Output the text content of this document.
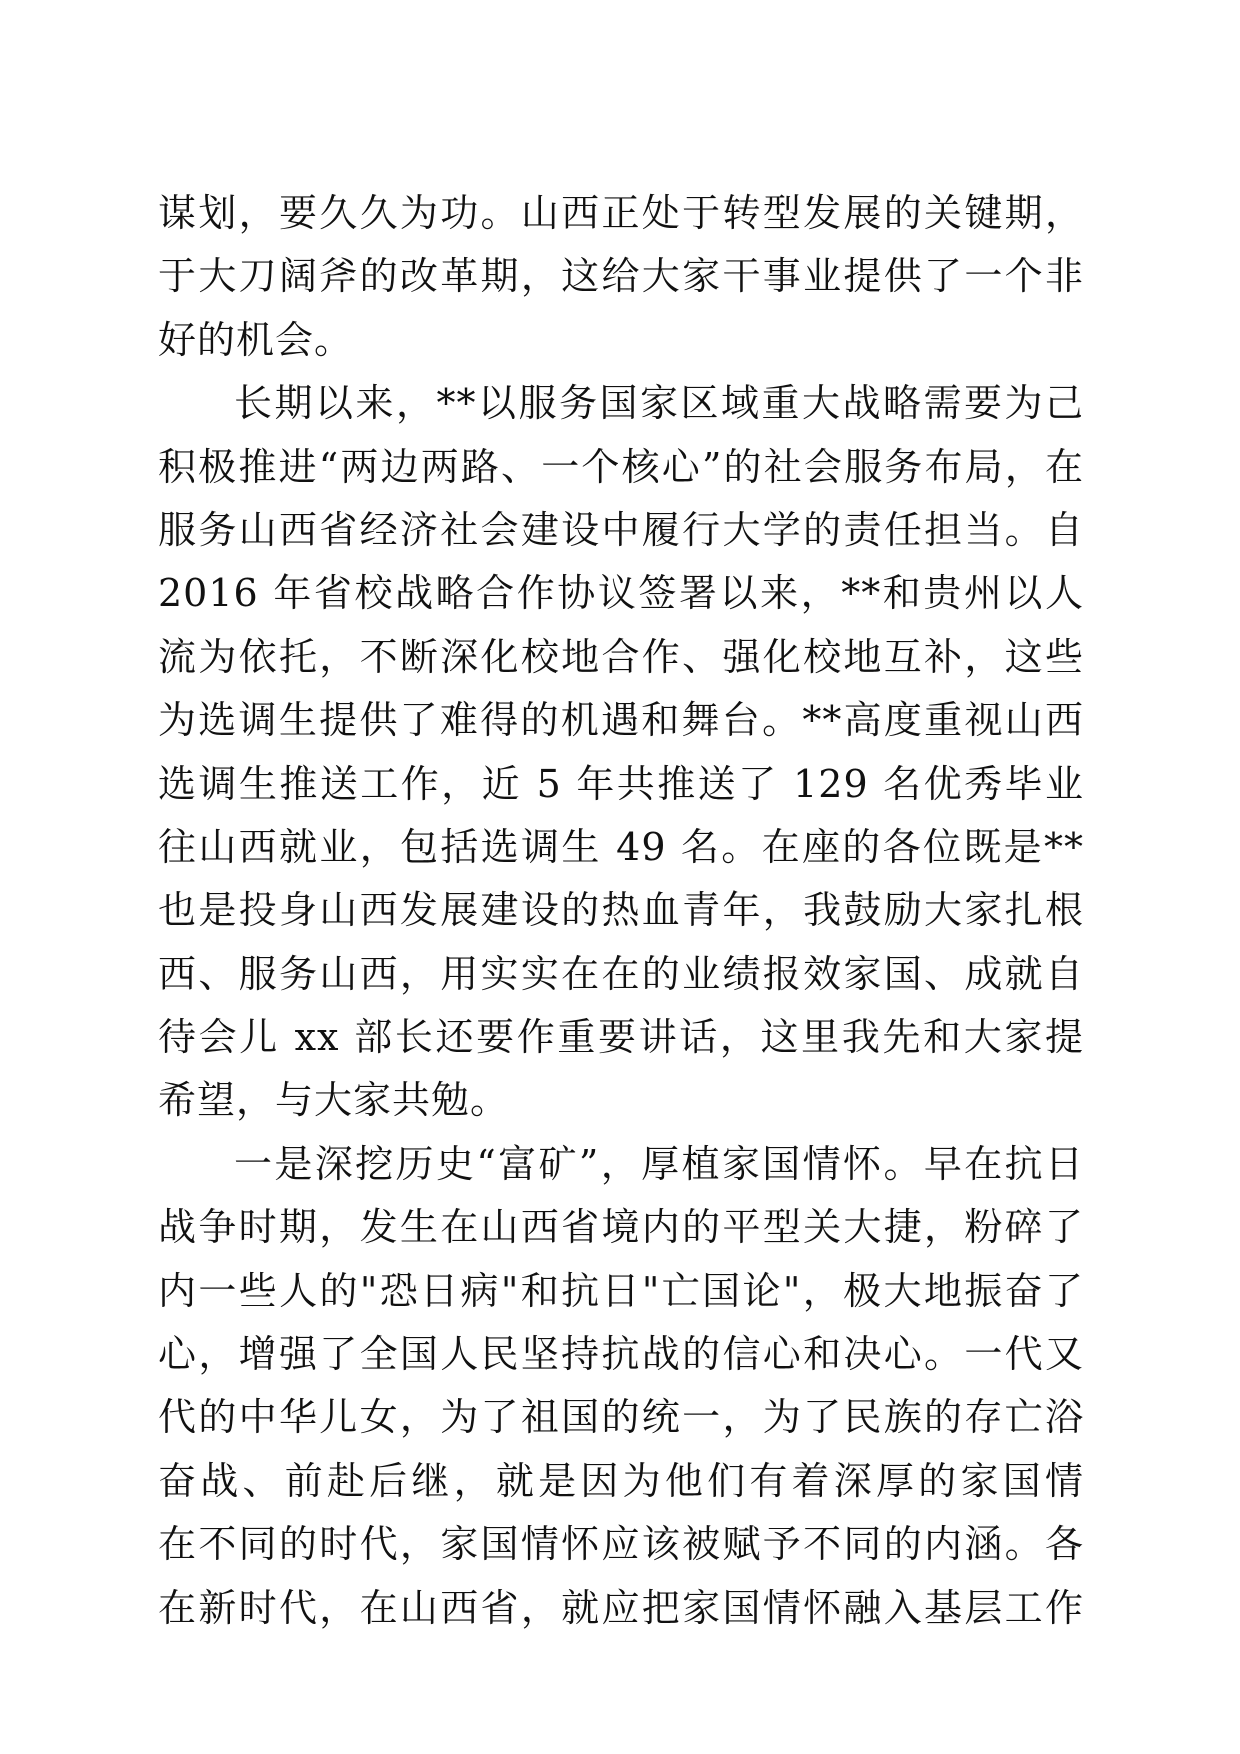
谋划，要久久为功。山西正处于转型发展的关键期，
于大刀阔斧的改革期，这给大家干事业提供了一个非
好的机会。
长期以来，**以服务国家区域重大战略需要为己
积极推进“两边两路、一个核心”的社会服务布局，在
服务山西省经济社会建设中履行大学的责任担当。自
2016 年省校战略合作协议签署以来，**和贵州以人
流为依托，不断深化校地合作、强化校地互补，这些
为选调生提供了难得的机遇和舞台。**高度重视山西
选调生推送工作，近 5 年共推送了 129 名优秀毕业
往山西就业，包括选调生 49 名。在座的各位既是**
也是投身山西发展建设的热血青年，我鼓励大家扎根
西、服务山西，用实实在在的业绩报效家国、成就自
待会儿 xx 部长还要作重要讲话，这里我先和大家提
希望，与大家共勉。
一是深挖历史“富矿”，厚植家国情怀。早在抗日
战争时期，发生在山西省境内的平型关大捷，粉碎了
内一些人的"恐日病"和抗日"亡国论"，极大地振奋了
心，增强了全国人民坚持抗战的信心和决心。一代又
代的中华儿女，为了祖国的统一，为了民族的存亡浴
奋战、前赴后继，就是因为他们有着深厚的家国情
在不同的时代，家国情怀应该被赋予不同的内涵。各
在新时代，在山西省，就应把家国情怀融入基层工作
